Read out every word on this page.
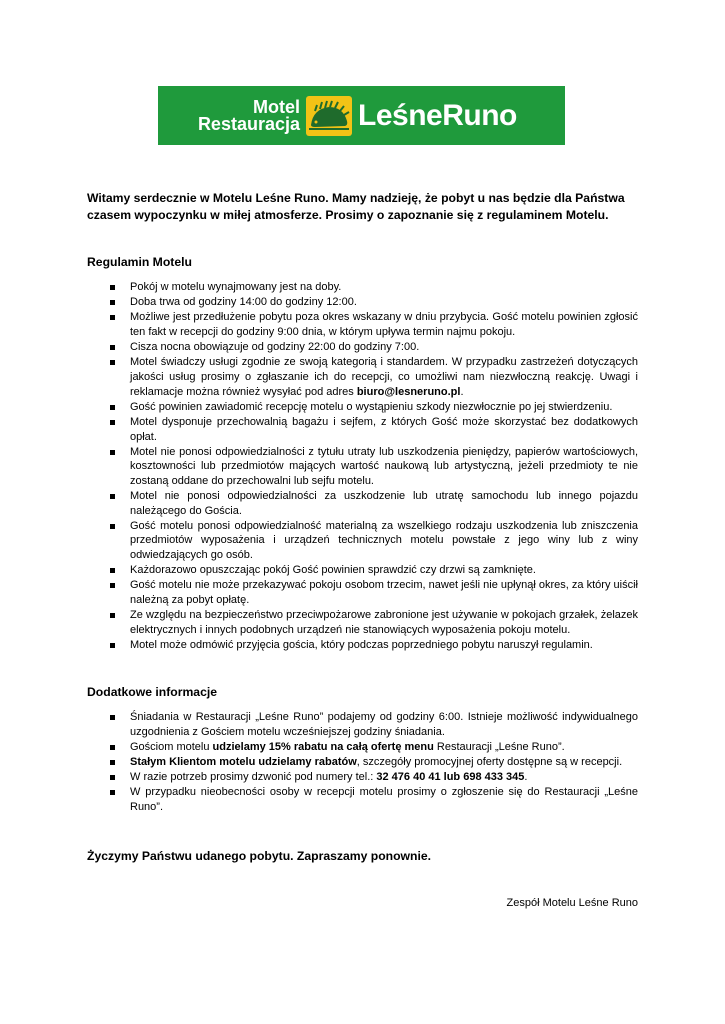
Motel
Restauracja LeśneRuno
Witamy serdecznie w Motelu Leśne Runo. Mamy nadzieję, że pobyt u nas będzie dla Państwa czasem wypoczynku w miłej atmosferze. Prosimy o zapoznanie się z regulaminem Motelu.
Regulamin Motelu
Pokój w motelu wynajmowany jest na doby.
Doba trwa od godziny 14:00 do godziny 12:00.
Możliwe jest przedłużenie pobytu poza okres wskazany w dniu przybycia. Gość motelu powinien zgłosić ten fakt w recepcji do godziny 9:00 dnia, w którym upływa termin najmu pokoju.
Cisza nocna obowiązuje od godziny 22:00 do godziny 7:00.
Motel świadczy usługi zgodnie ze swoją kategorią i standardem. W przypadku zastrzeżeń dotyczących jakości usług prosimy o zgłaszanie ich do recepcji, co umożliwi nam niezwłoczną reakcję. Uwagi i reklamacje można również wysyłać pod adres biuro@lesneruno.pl.
Gość powinien zawiadomić recepcję motelu o wystąpieniu szkody niezwłocznie po jej stwierdzeniu.
Motel dysponuje przechowalnią bagażu i sejfem, z których Gość może skorzystać bez dodatkowych opłat.
Motel nie ponosi odpowiedzialności z tytułu utraty lub uszkodzenia pieniędzy, papierów wartościowych, kosztowności lub przedmiotów mających wartość naukową lub artystyczną, jeżeli przedmioty te nie zostaną oddane do przechowalni lub sejfu motelu.
Motel nie ponosi odpowiedzialności za uszkodzenie lub utratę samochodu lub innego pojazdu należącego do Gościa.
Gość motelu ponosi odpowiedzialność materialną za wszelkiego rodzaju uszkodzenia lub zniszczenia przedmiotów wyposażenia i urządzeń technicznych motelu powstałe z jego winy lub z winy odwiedzających go osób.
Każdorazowo opuszczając pokój Gość powinien sprawdzić czy drzwi są zamknięte.
Gość motelu nie może przekazywać pokoju osobom trzecim, nawet jeśli nie upłynął okres, za który uiścił należną za pobyt opłatę.
Ze względu na bezpieczeństwo przeciwpożarowe zabronione jest używanie w pokojach grzałek, żelazek elektrycznych i innych podobnych urządzeń nie stanowiących wyposażenia pokoju motelu.
Motel może odmówić przyjęcia gościa, który podczas poprzedniego pobytu naruszył regulamin.
Dodatkowe informacje
Śniadania w Restauracji „Leśne Runo” podajemy od godziny 6:00. Istnieje możliwość indywidualnego uzgodnienia z Gościem motelu wcześniejszej godziny śniadania.
Gościom motelu udzielamy 15% rabatu na całą ofertę menu Restauracji „Leśne Runo”.
Stałym Klientom motelu udzielamy rabatów, szczegóły promocyjnej oferty dostępne są w recepcji.
W razie potrzeb prosimy dzwonić pod numery tel.: 32 476 40 41 lub 698 433 345.
W przypadku nieobecności osoby w recepcji motelu prosimy o zgłoszenie się do Restauracji „Leśne Runo”.
Życzymy Państwu udanego pobytu. Zapraszamy ponownie.
Zespół Motelu Leśne Runo
